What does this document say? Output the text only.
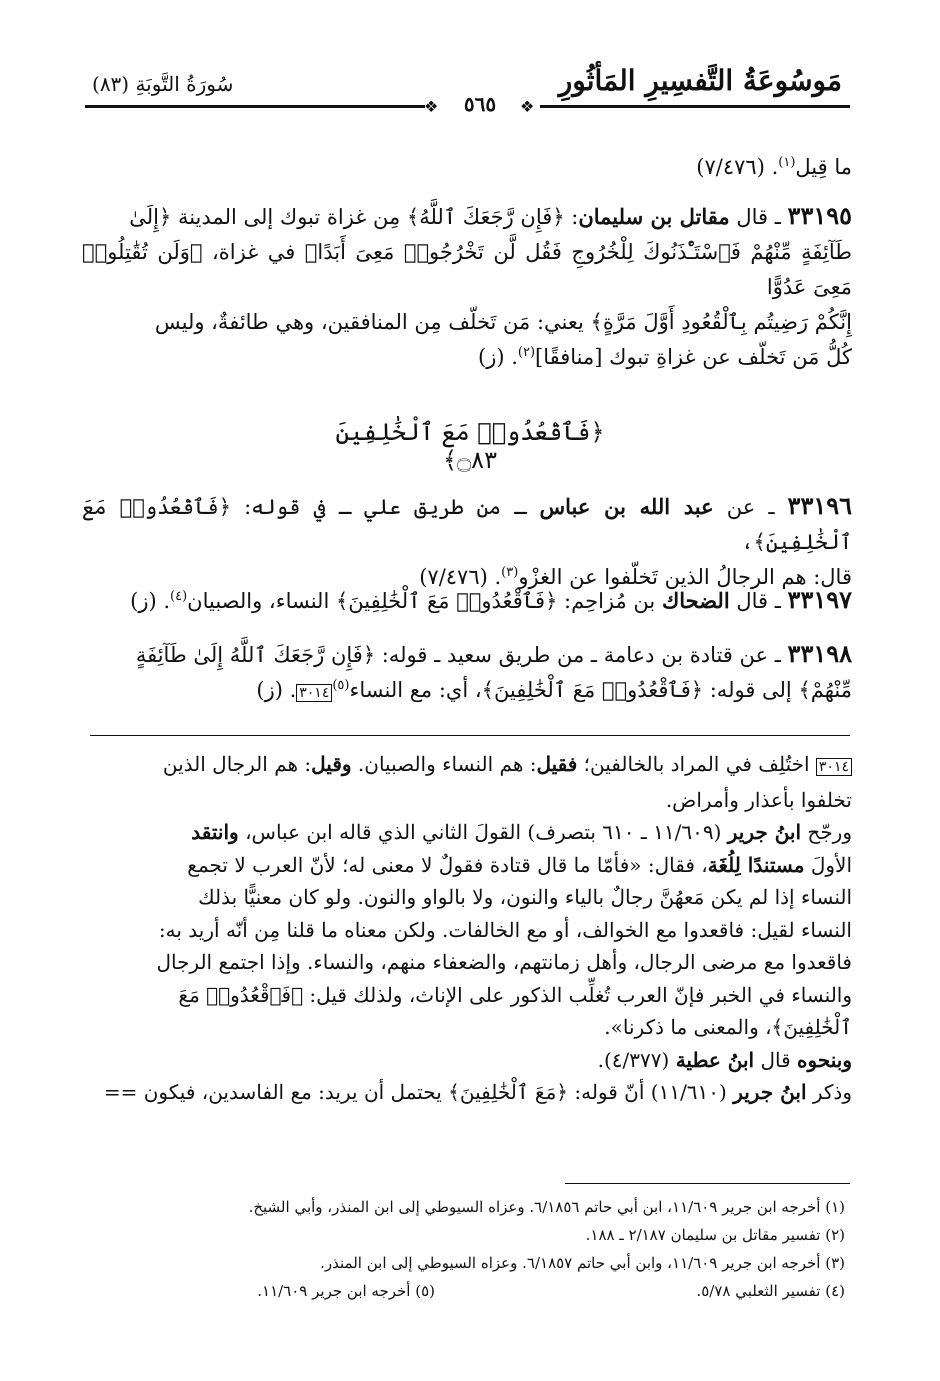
مَوسُوعَةُ التَّفسِيرِ المَأثُورِ
سُورَةُ التَّوبَةِ (٨٣)
❖	❖
٥٦٥
ما قِيل$^{(١)}$. (٧/٤٧٦)
٣٣١٩٥ ـ قال مقاتل بن سليمان: ﴿فَإِن رَّجَعَكَ ٱللَّهُ﴾ مِن غزاة تبوك إلى المدينة ﴿إِلَىٰ
طَآئِفَةٍ مِّنْهُمْ فَٱسْتَـْٔذَنُوكَ لِلْخُرُوجِ فَقُل لَّن تَخْرُجُوا۟ مَعِىَ أَبَدًا﴾ في غزاة، ﴿وَلَن تُقَٰتِلُوا۟ مَعِىَ عَدُوًّا
إِنَّكُمْ رَضِيتُم بِٱلْقُعُودِ أَوَّلَ مَرَّةٍ﴾ يعني: مَن تَخلّف مِن المنافقين، وهي طائفةٌ، وليس
كُلُّ مَن تَخلّف عن غزاةِ تبوك [منافقًا]$^{(٢)}$. (ز)
﴿فَٱقْعُدُوا۟ مَعَ ٱلْخَٰلِفِينَ ۝٨٣﴾
٣٣١٩٦ ـ عن عبد الله بن عباس ـ من طريق علي ـ في قوله: ﴿فَٱقْعُدُوا۟ مَعَ ٱلْخَٰلِفِينَ﴾،
قال: هم الرجالُ الذين تَخلّفوا عن الغزْو$^{(٣)}$. (٧/٤٧٦)
٣٣١٩٧ ـ قال الضحاك بن مُزاحِم: ﴿فَٱقْعُدُوا۟ مَعَ ٱلْخَٰلِفِينَ﴾ النساء، والصبيان$^{(٤)}$. (ز)
٣٣١٩٨ ـ عن قتادة بن دعامة ـ من طريق سعيد ـ قوله: ﴿فَإِن رَّجَعَكَ ٱللَّهُ إِلَىٰ طَآئِفَةٍ
مِّنْهُمْ﴾ إلى قوله: ﴿فَٱقْعُدُوا۟ مَعَ ٱلْخَٰلِفِينَ﴾، أي: مع النساء$^{(٥)}$٣٠١٤. (ز)
٣٠١٤ اختُلِف في المراد بالخالفين؛ فقيل: هم النساء والصبيان. وقيل: هم الرجال الذين
تخلفوا بأعذار وأمراض.
ورجّح ابنُ جرير (١١/٦٠٩ ـ ٦١٠ بتصرف) القولَ الثاني الذي قاله ابن عباس، وانتقد
الأولَ مستندًا لِلُغَة، فقال: «فأمّا ما قال قتادة فقولٌ لا معنى له؛ لأنّ العرب لا تجمع
النساء إذا لم يكن مَعهُنَّ رجالٌ بالياء والنون، ولا بالواو والنون. ولو كان معنيًّا بذلك
النساء لقيل: فاقعدوا مع الخوالف، أو مع الخالفات. ولكن معناه ما قلنا مِن أنّه أريد به:
فاقعدوا مع مرضى الرجال، وأهل زمانتهم، والضعفاء منهم، والنساء. وإذا اجتمع الرجال
والنساء في الخبر فإنّ العرب تُغلِّب الذكور على الإناث، ولذلك قيل: ﴿فَٱقْعُدُوا۟ مَعَ
ٱلْخَٰلِفِينَ﴾، والمعنى ما ذكرنا».
وبنحوه قال ابنُ عطية (٤/٣٧٧).
وذكر ابنُ جرير (١١/٦١٠) أنّ قوله: ﴿مَعَ ٱلْخَٰلِفِينَ﴾ يحتمل أن يريد: مع الفاسدين، فيكون ==
(١) أخرجه ابن جرير ١١/٦٠٩، ابن أبي حاتم ٦/١٨٥٦. وعزاه السيوطي إلى ابن المنذر، وأبي الشيخ.
(٢) تفسير مقاتل بن سليمان ٢/١٨٧ ـ ١٨٨.
(٣) أخرجه ابن جرير ١١/٦٠٩، وابن أبي حاتم ٦/١٨٥٧. وعزاه السيوطي إلى ابن المنذر.
(٤) تفسير الثعلبي ٥/٧٨.
(٥) أخرجه ابن جرير ١١/٦٠٩.
